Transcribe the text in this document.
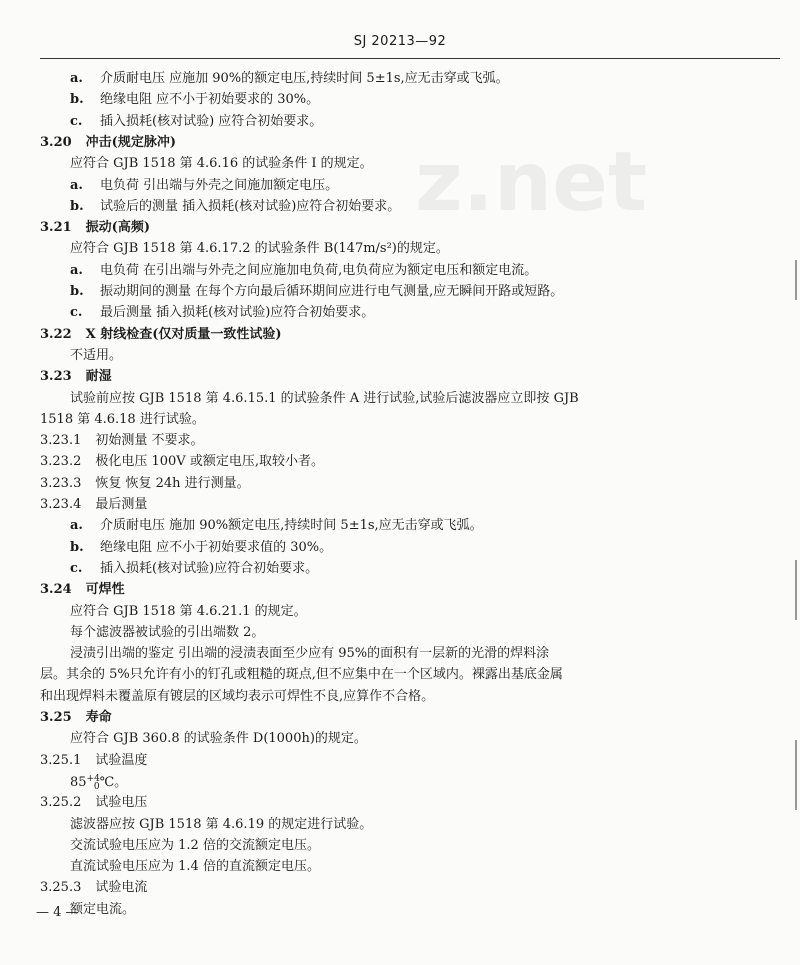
SJ 20213—92
z.net
a. 介质耐电压 应施加 90%的额定电压,持续时间 5±1s,应无击穿或飞弧。
b. 绝缘电阻 应不小于初始要求的 30%。
c. 插入损耗(核对试验) 应符合初始要求。
3.20 冲击(规定脉冲)
应符合 GJB 1518 第 4.6.16 的试验条件 I 的规定。
a. 电负荷 引出端与外壳之间施加额定电压。
b. 试验后的测量 插入损耗(核对试验)应符合初始要求。
3.21 振动(高频)
应符合 GJB 1518 第 4.6.17.2 的试验条件 B(147m/s²)的规定。
a. 电负荷 在引出端与外壳之间应施加电负荷,电负荷应为额定电压和额定电流。
b. 振动期间的测量 在每个方向最后循环期间应进行电气测量,应无瞬间开路或短路。
c. 最后测量 插入损耗(核对试验)应符合初始要求。
3.22 X 射线检查(仅对质量一致性试验)
不适用。
3.23 耐湿
试验前应按 GJB 1518 第 4.6.15.1 的试验条件 A 进行试验,试验后滤波器应立即按 GJB
1518 第 4.6.18 进行试验。
3.23.1 初始测量 不要求。
3.23.2 极化电压 100V 或额定电压,取较小者。
3.23.3 恢复 恢复 24h 进行测量。
3.23.4 最后测量
a. 介质耐电压 施加 90%额定电压,持续时间 5±1s,应无击穿或飞弧。
b. 绝缘电阻 应不小于初始要求值的 30%。
c. 插入损耗(核对试验)应符合初始要求。
3.24 可焊性
应符合 GJB 1518 第 4.6.21.1 的规定。
每个滤波器被试验的引出端数 2。
浸渍引出端的鉴定 引出端的浸渍表面至少应有 95%的面积有一层新的光滑的焊料涂
层。其余的 5%只允许有小的钉孔或粗糙的斑点,但不应集中在一个区域内。裸露出基底金属
和出现焊料未覆盖原有镀层的区域均表示可焊性不良,应算作不合格。
3.25 寿命
应符合 GJB 360.8 的试验条件 D(1000h)的规定。
3.25.1 试验温度
$85^{+4}_0℃$。
3.25.2 试验电压
滤波器应按 GJB 1518 第 4.6.19 的规定进行试验。
交流试验电压应为 1.2 倍的交流额定电压。
直流试验电压应为 1.4 倍的直流额定电压。
3.25.3 试验电流
额定电流。
— 4 —
